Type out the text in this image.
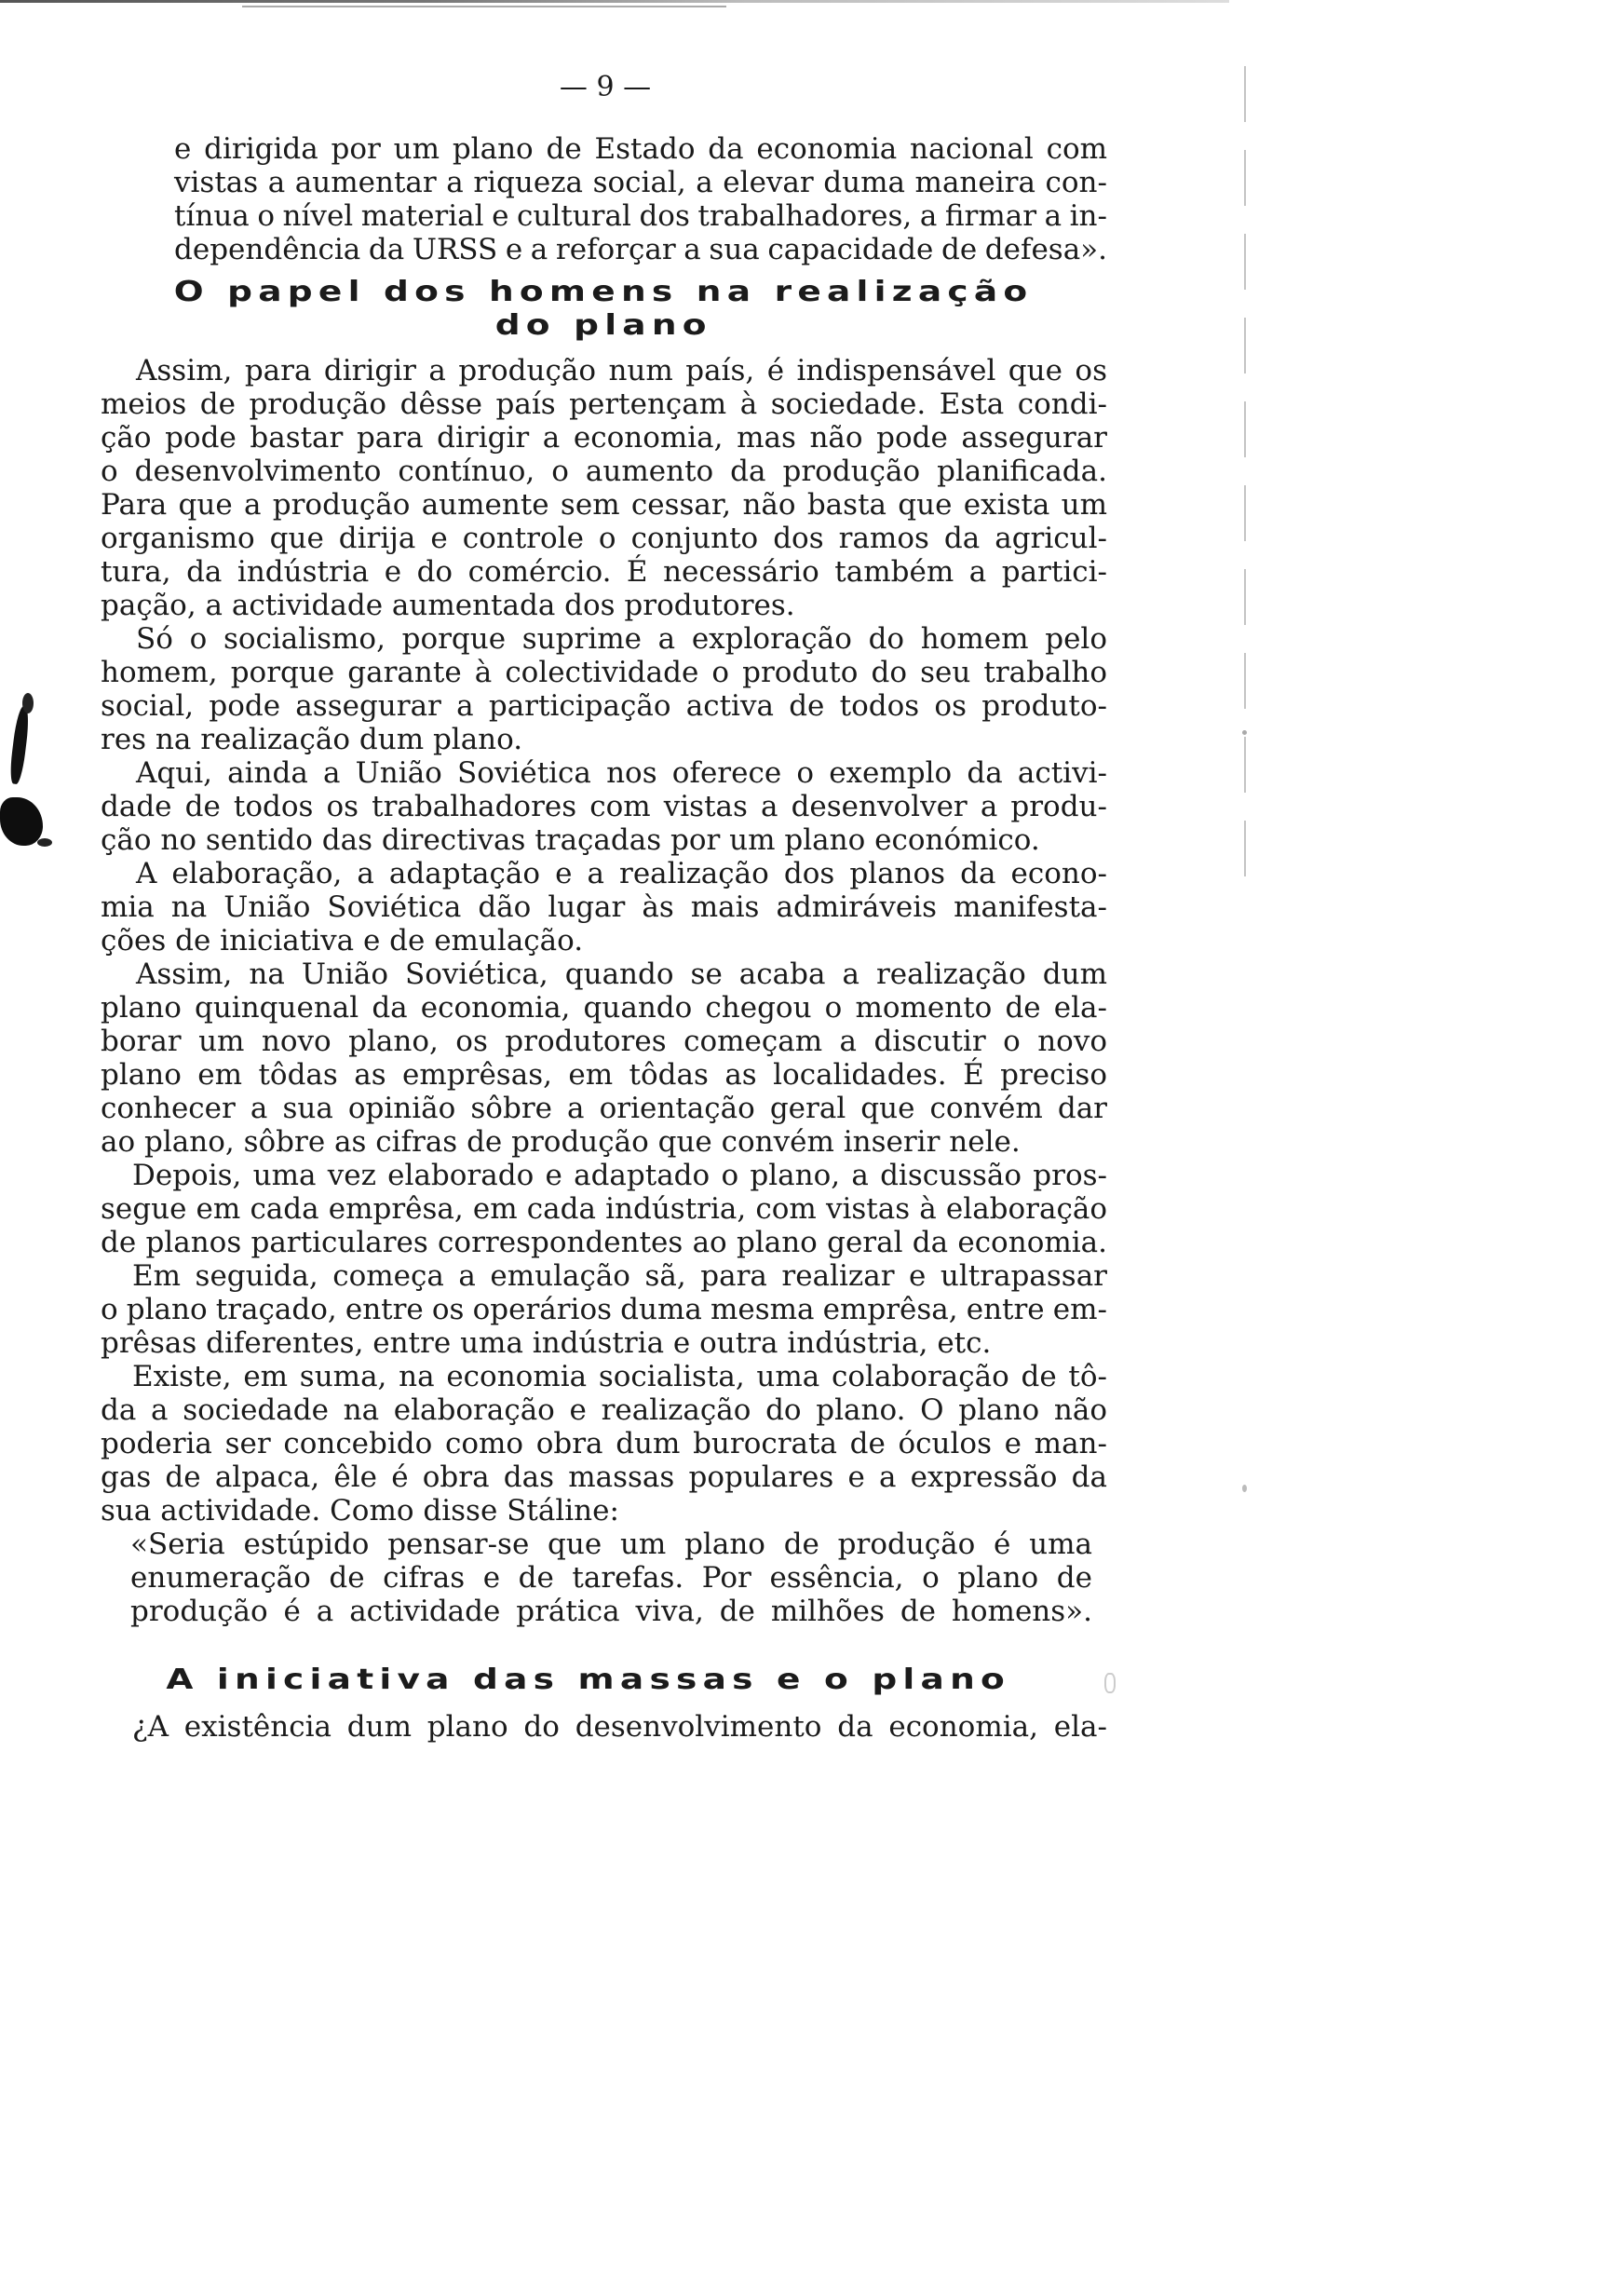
— 9 —
e dirigida por um plano de Estado da economia nacional com
vistas a aumentar a riqueza social, a elevar duma maneira con-
tínua o nível material e cultural dos trabalhadores, a firmar a in-
dependência da URSS e a reforçar a sua capacidade de defesa».
O papel dos homens na realização
do plano
Assim, para dirigir a produção num país, é indispensável que os
meios de produção dêsse país pertençam à sociedade. Esta condi-
ção pode bastar para dirigir a economia, mas não pode assegurar
o desenvolvimento contínuo, o aumento da produção planificada.
Para que a produção aumente sem cessar, não basta que exista um
organismo que dirija e controle o conjunto dos ramos da agricul-
tura, da indústria e do comércio. É necessário também a partici-
pação, a actividade aumentada dos produtores.
Só o socialismo, porque suprime a exploração do homem pelo
homem, porque garante à colectividade o produto do seu trabalho
social, pode assegurar a participação activa de todos os produto-
res na realização dum plano.
Aqui, ainda a União Soviética nos oferece o exemplo da activi-
dade de todos os trabalhadores com vistas a desenvolver a produ-
ção no sentido das directivas traçadas por um plano económico.
A elaboração, a adaptação e a realização dos planos da econo-
mia na União Soviética dão lugar às mais admiráveis manifesta-
ções de iniciativa e de emulação.
Assim, na União Soviética, quando se acaba a realização dum
plano quinquenal da economia, quando chegou o momento de ela-
borar um novo plano, os produtores começam a discutir o novo
plano em tôdas as emprêsas, em tôdas as localidades. É preciso
conhecer a sua opinião sôbre a orientação geral que convém dar
ao plano, sôbre as cifras de produção que convém inserir nele.
Depois, uma vez elaborado e adaptado o plano, a discussão pros-
segue em cada emprêsa, em cada indústria, com vistas à elaboração
de planos particulares correspondentes ao plano geral da economia.
Em seguida, começa a emulação sã, para realizar e ultrapassar
o plano traçado, entre os operários duma mesma emprêsa, entre em-
prêsas diferentes, entre uma indústria e outra indústria, etc.
Existe, em suma, na economia socialista, uma colaboração de tô-
da a sociedade na elaboração e realização do plano. O plano não
poderia ser concebido como obra dum burocrata de óculos e man-
gas de alpaca, êle é obra das massas populares e a expressão da
sua actividade. Como disse Stáline:
«Seria estúpido pensar-se que um plano de produção é uma
enumeração de cifras e de tarefas. Por essência, o plano de
produção é a actividade prática viva, de milhões de homens».
A iniciativa das massas e o plano
¿A existência dum plano do desenvolvimento da economia, ela-
